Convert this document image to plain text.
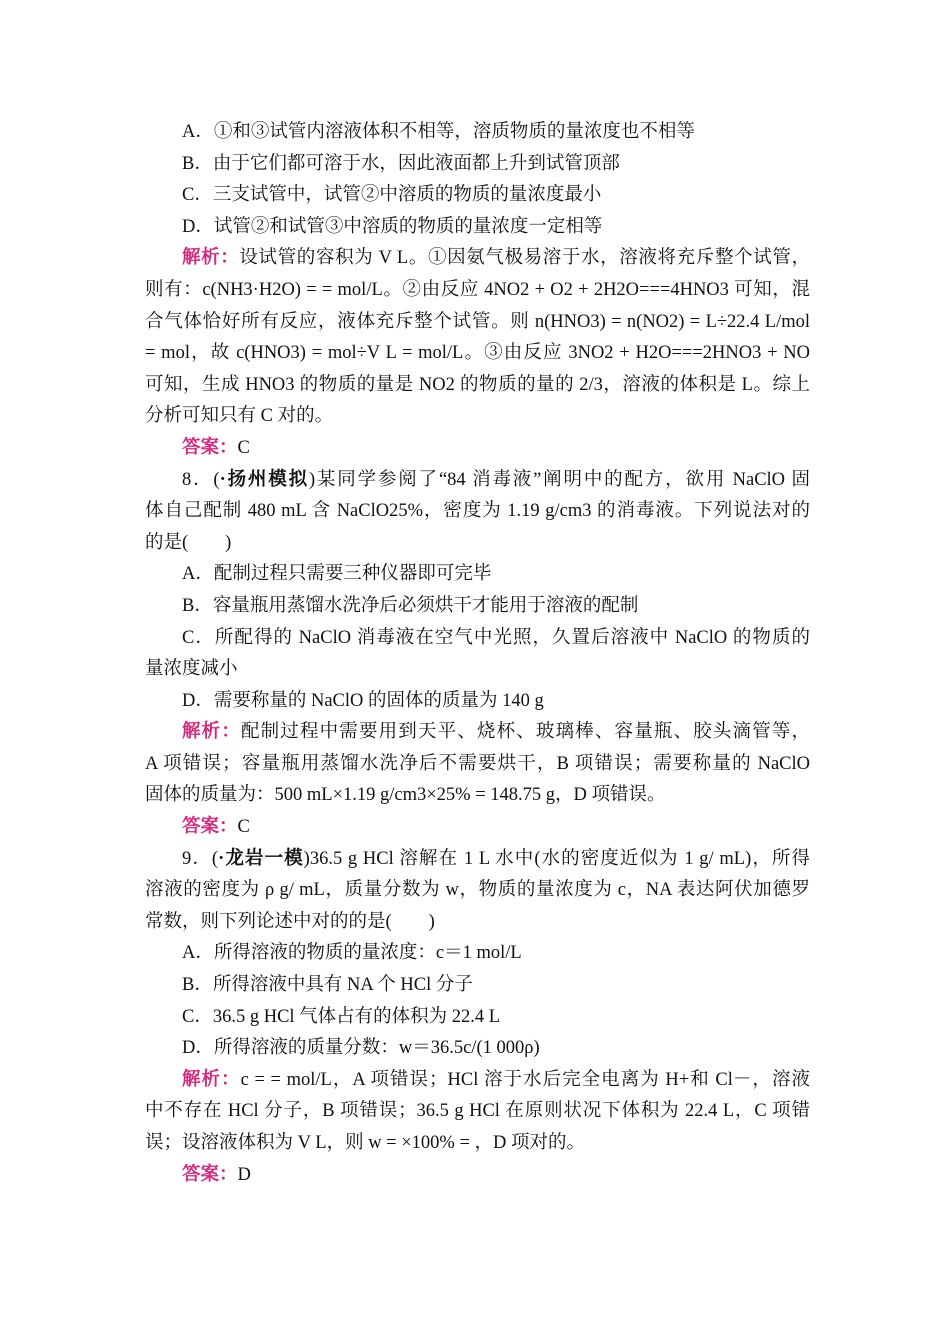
A．①和③试管内溶液体积不相等，溶质物质的量浓度也不相等
B．由于它们都可溶于水，因此液面都上升到试管顶部
C．三支试管中，试管②中溶质的物质的量浓度最小
D．试管②和试管③中溶质的物质的量浓度一定相等
解析：设试管的容积为 V L。①因氨气极易溶于水，溶液将充斥整个试管，
则有：c(NH3·H2O) = = mol/L。②由反应 4NO2 + O2 + 2H2O===4HNO3 可知，混
合气体恰好所有反应，液体充斥整个试管。则 n(HNO3) = n(NO2) = L÷22.4 L/mol
= mol，故 c(HNO3) = mol÷V L = mol/L。③由反应 3NO2 + H2O===2HNO3 + NO
可知，生成 HNO3 的物质的量是 NO2 的物质的量的 2/3，溶液的体积是 L。综上
分析可知只有 C 对的。
答案：C
8．(·扬州模拟)某同学参阅了“84 消毒液”阐明中的配方，欲用 NaClO 固
体自己配制 480 mL 含 NaClO25%，密度为 1.19 g/cm3 的消毒液。下列说法对的
的是(　　)
A．配制过程只需要三种仪器即可完毕
B．容量瓶用蒸馏水洗净后必须烘干才能用于溶液的配制
C．所配得的 NaClO 消毒液在空气中光照，久置后溶液中 NaClO 的物质的
量浓度减小
D．需要称量的 NaClO 的固体的质量为 140 g
解析：配制过程中需要用到天平、烧杯、玻璃棒、容量瓶、胶头滴管等，
A 项错误；容量瓶用蒸馏水洗净后不需要烘干，B 项错误；需要称量的 NaClO
固体的质量为：500 mL×1.19 g/cm3×25% = 148.75 g，D 项错误。
答案：C
9．(·龙岩一模)36.5 g HCl 溶解在 1 L 水中(水的密度近似为 1 g/ mL)，所得
溶液的密度为 ρ g/ mL，质量分数为 w，物质的量浓度为 c，NA 表达阿伏加德罗
常数，则下列论述中对的的是(　　)
A．所得溶液的物质的量浓度：c＝1 mol/L
B．所得溶液中具有 NA 个 HCl 分子
C．36.5 g HCl 气体占有的体积为 22.4 L
D．所得溶液的质量分数：w＝36.5c/(1 000ρ)
解析：c = = mol/L，A 项错误；HCl 溶于水后完全电离为 H+和 Cl－，溶液
中不存在 HCl 分子，B 项错误；36.5 g HCl 在原则状况下体积为 22.4 L，C 项错
误；设溶液体积为 V L，则 w = ×100% = ，D 项对的。
答案：D
